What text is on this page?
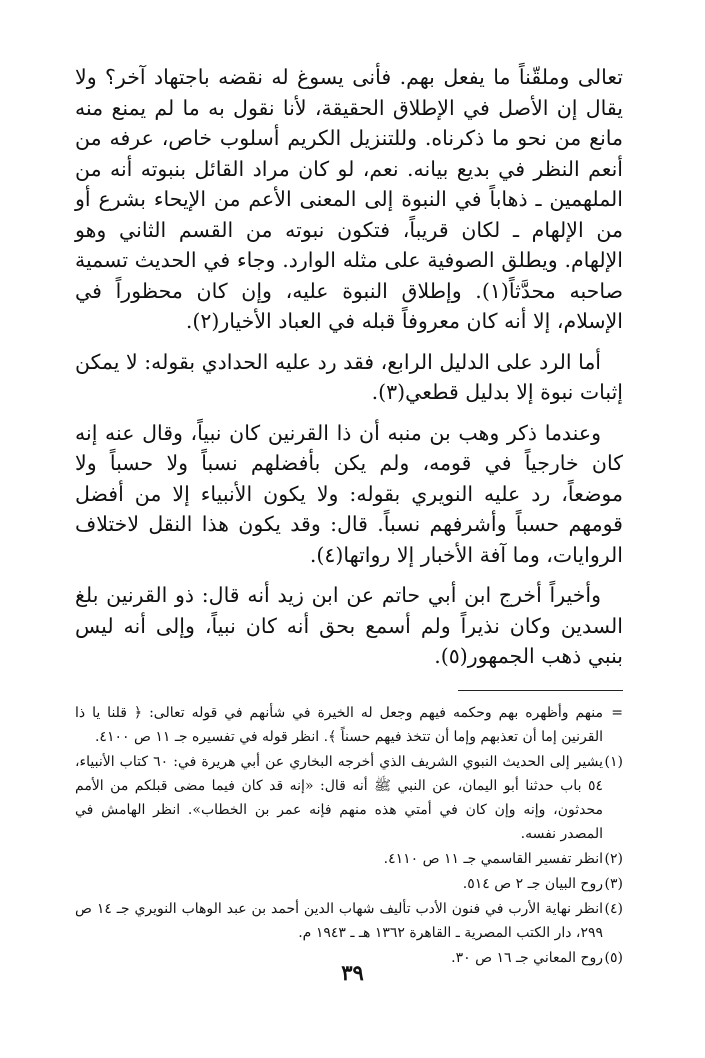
تعالى وملقّناً ما يفعل بهم. فأنى يسوغ له نقضه باجتهاد آخر؟ ولا يقال إن الأصل في الإطلاق الحقيقة، لأنا نقول به ما لم يمنع منه مانع من نحو ما ذكرناه. وللتنزيل الكريم أسلوب خاص، عرفه من أنعم النظر في بديع بيانه. نعم، لو كان مراد القائل بنبوته أنه من الملهمين ـ ذهاباً في النبوة إلى المعنى الأعم من الإيحاء بشرع أو من الإلهام ـ لكان قريباً، فتكون نبوته من القسم الثاني وهو الإلهام. ويطلق الصوفية على مثله الوارد. وجاء في الحديث تسمية صاحبه محدَّثاً(١). وإطلاق النبوة عليه، وإن كان محظوراً في الإسلام، إلا أنه كان معروفاً قبله في العباد الأخيار(٢).

أما الرد على الدليل الرابع، فقد رد عليه الحدادي بقوله: لا يمكن إثبات نبوة إلا بدليل قطعي(٣).

وعندما ذكر وهب بن منبه أن ذا القرنين كان نبياً، وقال عنه إنه كان خارجياً في قومه، ولم يكن بأفضلهم نسباً ولا حسباً ولا موضعاً، رد عليه النويري بقوله: ولا يكون الأنبياء إلا من أفضل قومهم حسباً وأشرفهم نسباً. قال: وقد يكون هذا النقل لاختلاف الروايات، وما آفة الأخبار إلا رواتها(٤).

وأخيراً أخرج ابن أبي حاتم عن ابن زيد أنه قال: ذو القرنين بلغ السدين وكان نذيراً ولم أسمع بحق أنه كان نبياً، وإلى أنه ليس بنبي ذهب الجمهور(٥).

=
منهم وأظهره بهم وحكمه فيهم وجعل له الخيرة في شأنهم في قوله تعالى: ﴿ قلنا يا ذا القرنين إما أن تعذبهم وإما أن تتخذ فيهم حسناً ﴾. انظر قوله في تفسيره جـ ١١ ص ٤١٠٠.
(١)
يشير إلى الحديث النبوي الشريف الذي أخرجه البخاري عن أبي هريرة في: ٦٠ كتاب الأنبياء، ٥٤ باب حدثنا أبو اليمان، عن النبي ﷺ أنه قال: «إنه قد كان فيما مضى قبلكم من الأمم محدثون، وإنه وإن كان في أمتي هذه منهم فإنه عمر بن الخطاب». انظر الهامش في المصدر نفسه.
(٢)
انظر تفسير القاسمي جـ ١١ ص ٤١١٠.
(٣)
روح البيان جـ ٢ ص ٥١٤.
(٤)
انظر نهاية الأرب في فنون الأدب تأليف شهاب الدين أحمد بن عبد الوهاب النويري جـ ١٤ ص ٢٩٩، دار الكتب المصرية ـ القاهرة ١٣٦٢ هـ ـ ١٩٤٣ م.
(٥)
روح المعاني جـ ١٦ ص ٣٠.
٣٩
